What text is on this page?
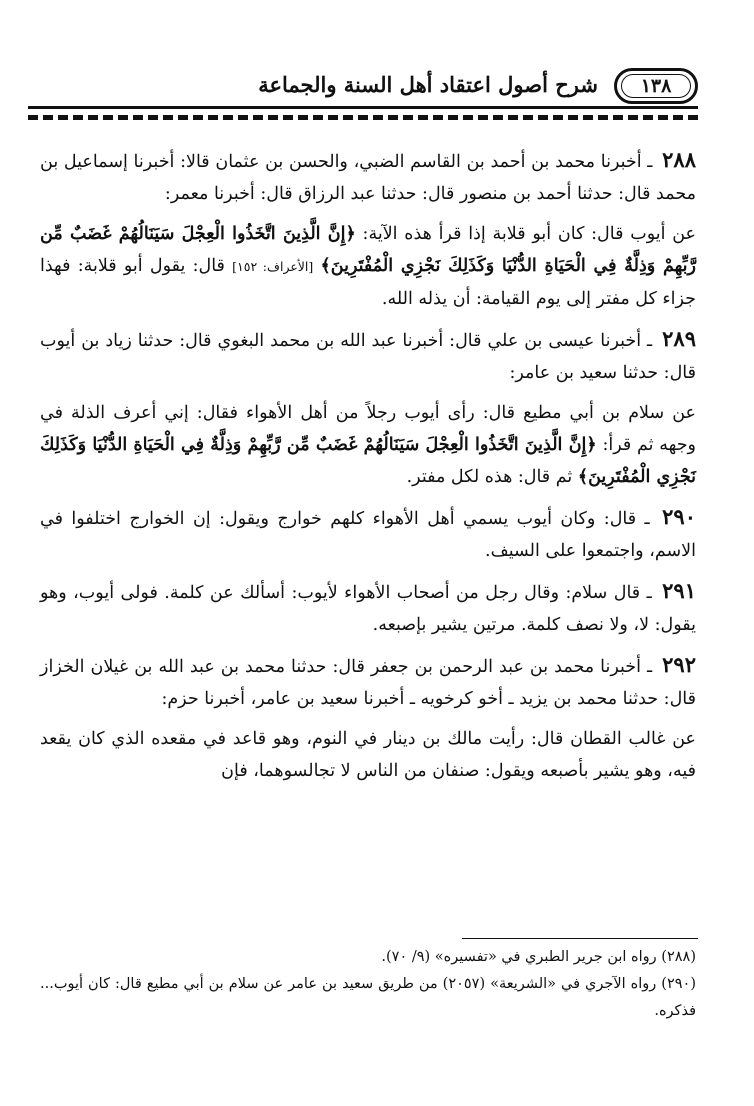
١٣٨
شرح أصول اعتقاد أهل السنة والجماعة

٢٨٨ ـ أخبرنا محمد بن أحمد بن القاسم الضبي، والحسن بن عثمان قالا: أخبرنا إسماعيل بن محمد قال: حدثنا أحمد بن منصور قال: حدثنا عبد الرزاق قال: أخبرنا معمر:

عن أيوب قال: كان أبو قلابة إذا قرأ هذه الآية: ﴿إِنَّ الَّذِينَ اتَّخَذُوا الْعِجْلَ سَيَنَالُهُمْ غَضَبٌ مِّن رَّبِّهِمْ وَذِلَّةٌ فِي الْحَيَاةِ الدُّنْيَا وَكَذَلِكَ نَجْزِي الْمُفْتَرِينَ﴾ [الأعراف: ١٥٢] قال: يقول أبو قلابة: فهذا جزاء كل مفتر إلى يوم القيامة: أن يذله الله.

٢٨٩ ـ أخبرنا عيسى بن علي قال: أخبرنا عبد الله بن محمد البغوي قال: حدثنا زياد بن أيوب قال: حدثنا سعيد بن عامر:

عن سلام بن أبي مطيع قال: رأى أيوب رجلاً من أهل الأهواء فقال: إني أعرف الذلة في وجهه ثم قرأ: ﴿إِنَّ الَّذِينَ اتَّخَذُوا الْعِجْلَ سَيَنَالُهُمْ غَضَبٌ مِّن رَّبِّهِمْ وَذِلَّةٌ فِي الْحَيَاةِ الدُّنْيَا وَكَذَلِكَ نَجْزِي الْمُفْتَرِينَ﴾ ثم قال: هذه لكل مفتر.

٢٩٠ ـ قال: وكان أيوب يسمي أهل الأهواء كلهم خوارج ويقول: إن الخوارج اختلفوا في الاسم، واجتمعوا على السيف.

٢٩١ ـ قال سلام: وقال رجل من أصحاب الأهواء لأيوب: أسألك عن كلمة. فولى أيوب، وهو يقول: لا، ولا نصف كلمة. مرتين يشير بإصبعه.

٢٩٢ ـ أخبرنا محمد بن عبد الرحمن بن جعفر قال: حدثنا محمد بن عبد الله بن غيلان الخزاز قال: حدثنا محمد بن يزيد ـ أخو كرخويه ـ أخبرنا سعيد بن عامر، أخبرنا حزم:

عن غالب القطان قال: رأيت مالك بن دينار في النوم، وهو قاعد في مقعده الذي كان يقعد فيه، وهو يشير بأصبعه ويقول: صنفان من الناس لا تجالسوهما، فإن

(٢٨٨) رواه ابن جرير الطبري في «تفسيره» (٩/ ٧٠).

(٢٩٠) رواه الآجري في «الشريعة» (٢٠٥٧) من طريق سعيد بن عامر عن سلام بن أبي مطيع قال: كان أيوب... فذكره.
